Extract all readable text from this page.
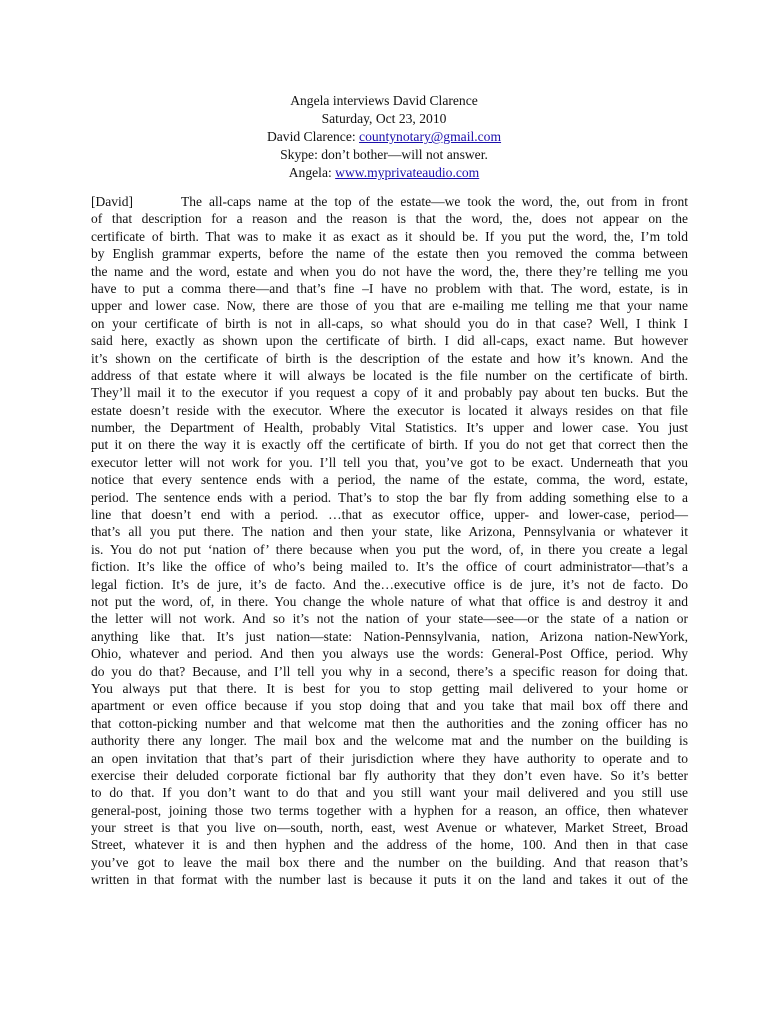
Angela interviews David Clarence
Saturday, Oct 23, 2010
David Clarence: countynotary@gmail.com
Skype: don’t bother—will not answer.
Angela: www.myprivateaudio.com
[David]	The all-caps name at the top of the estate—we took the word, the, out from in front
of that description for a reason and the reason is that the word, the, does not appear on the
certificate of birth. That was to make it as exact as it should be. If you put the word, the, I’m told
by English grammar experts, before the name of the estate then you removed the comma between
the name and the word, estate and when you do not have the word, the, there they’re telling me you
have to put a comma there—and that’s fine –I have no problem with that. The word, estate, is in
upper and lower case. Now, there are those of you that are e-mailing me telling me that your name
on your certificate of birth is not in all-caps, so what should you do in that case? Well, I think I
said here, exactly as shown upon the certificate of birth. I did all-caps, exact name. But however
it’s shown on the certificate of birth is the description of the estate and how it’s known. And the
address of that estate where it will always be located is the file number on the certificate of birth.
They’ll mail it to the executor if you request a copy of it and probably pay about ten bucks. But the
estate doesn’t reside with the executor. Where the executor is located it always resides on that file
number, the Department of Health, probably Vital Statistics. It’s upper and lower case. You just
put it on there the way it is exactly off the certificate of birth. If you do not get that correct then the
executor letter will not work for you. I’ll tell you that, you’ve got to be exact. Underneath that you
notice that every sentence ends with a period, the name of the estate, comma, the word, estate,
period. The sentence ends with a period. That’s to stop the bar fly from adding something else to a
line that doesn’t end with a period. …that as executor office, upper- and lower-case, period—
that’s all you put there. The nation and then your state, like Arizona, Pennsylvania or whatever it
is. You do not put ‘nation of’ there because when you put the word, of, in there you create a legal
fiction. It’s like the office of who’s being mailed to. It’s the office of court administrator—that’s a
legal fiction. It’s de jure, it’s de facto. And the…executive office is de jure, it’s not de facto. Do
not put the word, of, in there. You change the whole nature of what that office is and destroy it and
the letter will not work. And so it’s not the nation of your state—see—or the state of a nation or
anything like that. It’s just nation—state: Nation-Pennsylvania, nation, Arizona nation-NewYork,
Ohio, whatever and period. And then you always use the words: General-Post Office, period. Why
do you do that? Because, and I’ll tell you why in a second, there’s a specific reason for doing that.
You always put that there. It is best for you to stop getting mail delivered to your home or
apartment or even office because if you stop doing that and you take that mail box off there and
that cotton-picking number and that welcome mat then the authorities and the zoning officer has no
authority there any longer. The mail box and the welcome mat and the number on the building is
an open invitation that that’s part of their jurisdiction where they have authority to operate and to
exercise their deluded corporate fictional bar fly authority that they don’t even have. So it’s better
to do that. If you don’t want to do that and you still want your mail delivered and you still use
general-post, joining those two terms together with a hyphen for a reason, an office, then whatever
your street is that you live on—south, north, east, west Avenue or whatever, Market Street, Broad
Street, whatever it is and then hyphen and the address of the home, 100. And then in that case
you’ve got to leave the mail box there and the number on the building. And that reason that’s
written in that format with the number last is because it puts it on the land and takes it out of the
